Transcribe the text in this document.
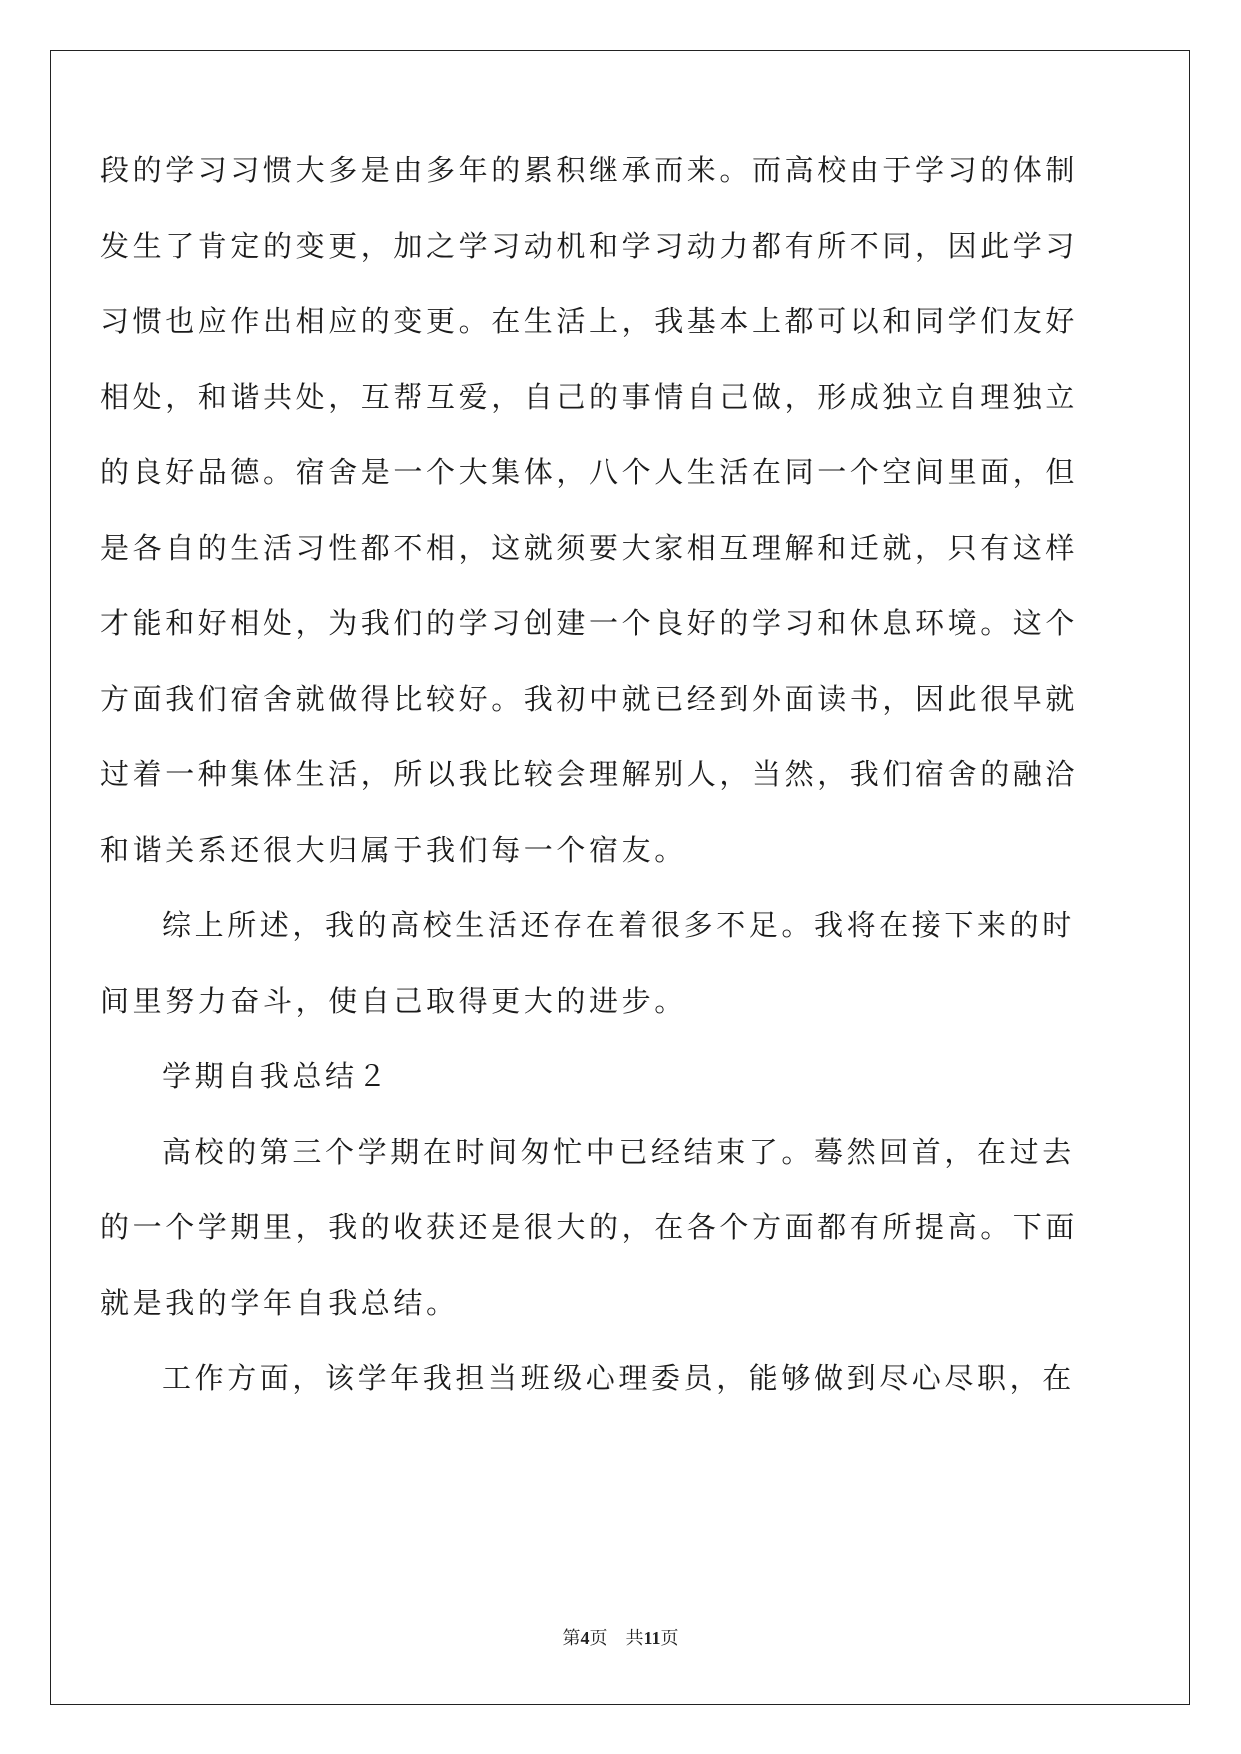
段的学习习惯大多是由多年的累积继承而来。而高校由于学习的体制
发生了肯定的变更，加之学习动机和学习动力都有所不同，因此学习
习惯也应作出相应的变更。在生活上，我基本上都可以和同学们友好
相处，和谐共处，互帮互爱，自己的事情自己做，形成独立自理独立
的良好品德。宿舍是一个大集体，八个人生活在同一个空间里面，但
是各自的生活习性都不相，这就须要大家相互理解和迁就，只有这样
才能和好相处，为我们的学习创建一个良好的学习和休息环境。这个
方面我们宿舍就做得比较好。我初中就已经到外面读书，因此很早就
过着一种集体生活，所以我比较会理解别人，当然，我们宿舍的融洽
和谐关系还很大归属于我们每一个宿友。
综上所述，我的高校生活还存在着很多不足。我将在接下来的时
间里努力奋斗，使自己取得更大的进步。
学期自我总结２
高校的第三个学期在时间匆忙中已经结束了。蓦然回首，在过去
的一个学期里，我的收获还是很大的，在各个方面都有所提高。下面
就是我的学年自我总结。
工作方面，该学年我担当班级心理委员，能够做到尽心尽职，在
第4页 共11页
